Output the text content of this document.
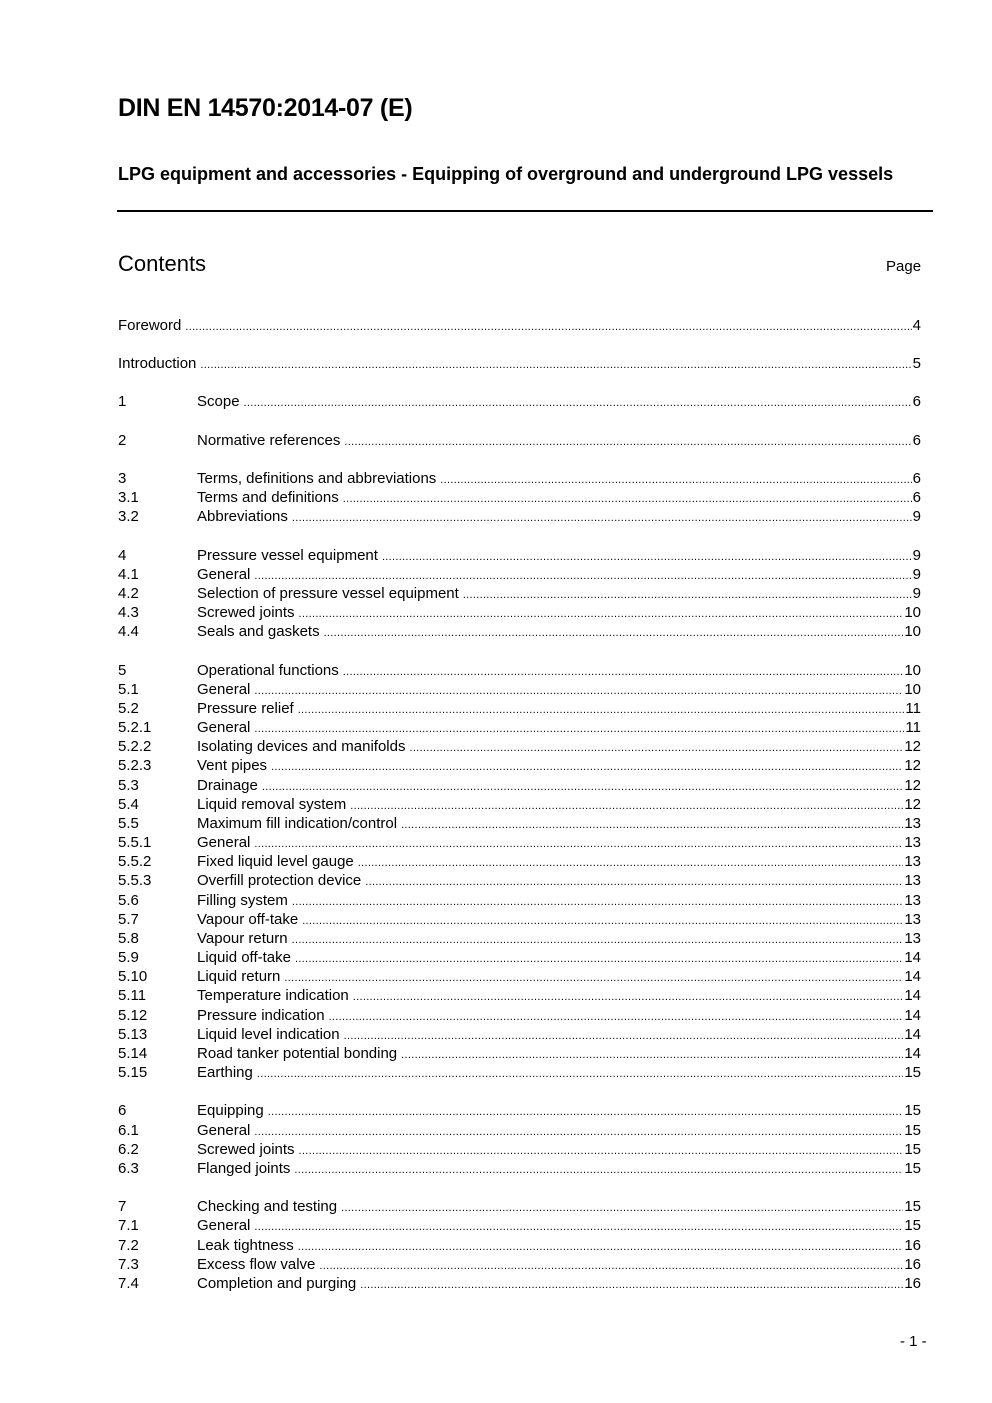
DIN EN 14570:2014-07 (E)
LPG equipment and accessories - Equipping of overground and underground LPG vessels
Contents	Page
Foreword .....	4
Introduction .....	5
1	Scope .....	6
2	Normative references .....	6
3	Terms, definitions and abbreviations .....	6
3.1	Terms and definitions .....	6
3.2	Abbreviations .....	9
4	Pressure vessel equipment .....	9
4.1	General .....	9
4.2	Selection of pressure vessel equipment .....	9
4.3	Screwed joints .....	10
4.4	Seals and gaskets .....	10
5	Operational functions .....	10
5.1	General .....	10
5.2	Pressure relief .....	11
5.2.1	General .....	11
5.2.2	Isolating devices and manifolds .....	12
5.2.3	Vent pipes .....	12
5.3	Drainage .....	12
5.4	Liquid removal system .....	12
5.5	Maximum fill indication/control .....	13
5.5.1	General .....	13
5.5.2	Fixed liquid level gauge .....	13
5.5.3	Overfill protection device .....	13
5.6	Filling system .....	13
5.7	Vapour off-take .....	13
5.8	Vapour return .....	13
5.9	Liquid off-take .....	14
5.10	Liquid return .....	14
5.11	Temperature indication .....	14
5.12	Pressure indication .....	14
5.13	Liquid level indication .....	14
5.14	Road tanker potential bonding .....	14
5.15	Earthing .....	15
6	Equipping .....	15
6.1	General .....	15
6.2	Screwed joints .....	15
6.3	Flanged joints .....	15
7	Checking and testing .....	15
7.1	General .....	15
7.2	Leak tightness .....	16
7.3	Excess flow valve .....	16
7.4	Completion and purging .....	16
- 1 -
